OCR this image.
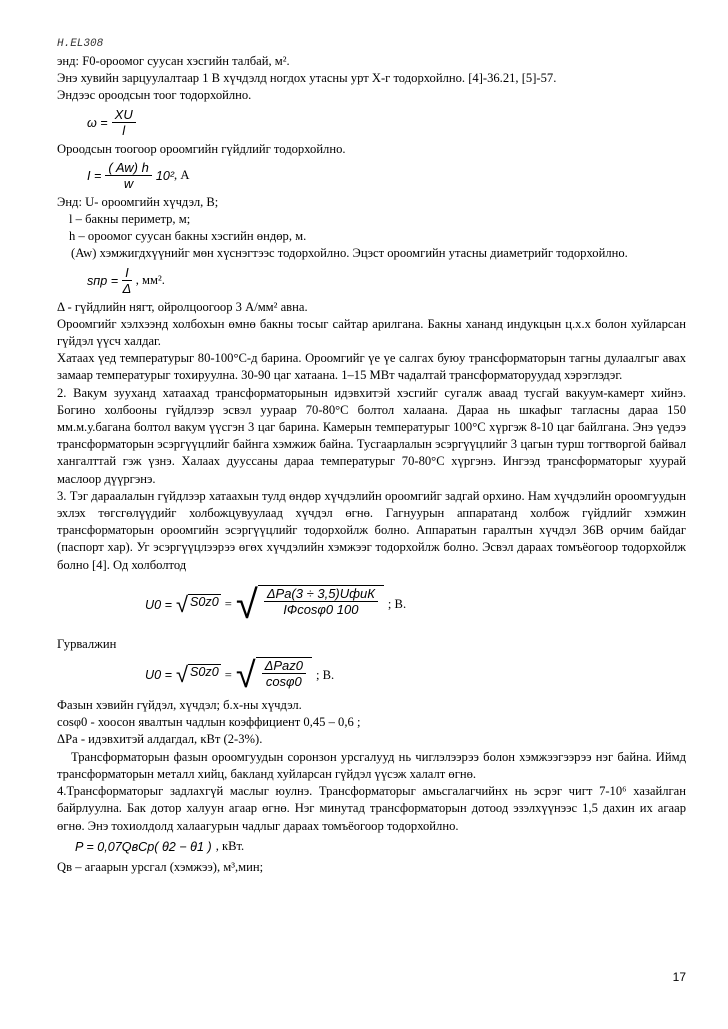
H.EL308

энд: F0-ороомог суусан хэсгийн талбай, м².

Энэ хувийн зарцуулалтаар 1 В хүчдэлд ногдох утасны урт X-г тодорхойлно. [4]-36.21, [5]-57.

Эндээс ороодсын тоог тодорхойлно.

$\omega = \frac{XU}{l}$

Ороодсын тоогоор ороомгийн гүйдлийг тодорхойлно.

$I = \frac{( Aw) h}{w} 10^2$ , А

Энд: U- ороомгийн хүчдэл, В;

l – бакны периметр, м;

h – ороомог суусан бакны хэсгийн өндөр, м.

(Aw) хэмжигдхүүнийг мөн хүснэгтээс тодорхойлно. Эцэст ороомгийн утасны диаметрийг тодорхойлно.

sпр = $\frac{I}{\Delta}$ , мм².

Δ - гүйдлийн нягт, ойролцоогоор 3 А/мм² авна.

Ороомгийг хэлхээнд холбохын өмнө бакны тосыг сайтар арилгана. Бакны хананд индукцын ц.х.х болон хуйларсан гүйдэл үүсч халдаг.

Хатаах үед температурыг 80-100°С-д барина. Ороомгийг үе үе салгах буюу трансформаторын тагны дулаалгыг авах замаар температурыг тохируулна. 30-90 цаг хатаана. 1–15 МВт чадалтай трансформаторуудад хэрэглэдэг.

2. Вакум зууханд хатаахад трансформаторынын идэвхитэй хэсгийг сугалж аваад тусгай вакуум-камерт хийнэ. Богино холбооны гүйдлээр эсвэл уураар 70-80°С болтол халаана. Дараа нь шкафыг тагласны дараа 150 мм.м.у.багана болтол вакум үүсгэн 3 цаг барина. Камерын температурыг 100°С хүргэж 8-10 цаг байлгана. Энэ үедээ трансформаторын эсэргүүцлийг байнга хэмжиж байна. Тусгаарлалын эсэргүүцлийг 3 цагын турш тогтворгой байвал хангалттай гэж үзнэ. Халаах дуусcаны дараа температурыг 70-80°С хүргэнэ. Ингээд трансформаторыг хуурай маслоор дүүргэнэ.

3. Тэг дараалалын гүйдлээр хатаахын тулд өндөр хүчдэлийн ороомгийг задгай орхино. Нам хүчдэлийн ороомгуудын эхлэх төгсгөлүүдийг холбожцувуулаад хүчдэл өгнө. Гагнуурын аппаратанд холбож гүйдлийг хэмжин трансформаторын ороомгийн эсэргүүцлийг тодорхойлж болно. Аппаратын гаралтын хүчдэл 36В орчим байдаг (паспорт хар). Уг эсэргүүцлээрээ өгөх хүчдэлийн хэмжээг тодорхойлж болно. Эсвэл дараах томъёогоор тодорхойлж болно [4]. Од холболтод

U0 = √ S0z0 = √ $\frac{\text{ΔPа(3 ÷ 3,5)UфuК}}{IФ\cos\varphi 0 100}$ ; В.

Гурвалжин

U0 = √ S0z0 = √ $\frac{\text{ΔPаz0}}{\cos\varphi 0}$ ; В.

Фазын хэвийн гүйдэл, хүчдэл; б.х-ны хүчдэл.

cosφ0 - хоосон явалтын чадлын коэффициент 0,45 – 0,6 ;

ΔPа - идэвхитэй алдагдал, кВт (2-3%).

Трансформаторын фазын ороомгуудын соронзон урсгалууд нь чиглэлээрээ болон хэмжээгээрээ нэг байна. Иймд трансформаторын металл хийц, бакланд хуйларсан гүйдэл үүсэж халалт өгнө.

4.Трансформаторыг задлахгүй маслыг юулнэ. Трансформаторыг амьсгалагчийнх нь эсрэг чигт 7-10⁶ хазайлган байрлуулна. Бак дотор халуун агаар өгнө. Нэг минутад трансформаторын дотоод эзэлхүүнээс 1,5 дахин их агаар өгнө. Энэ тохиолдолд халаагурын чадлыг дараах томъёогоор тодорхойлно.

P = 0,07QвCр( θ2 − θ1 ) , кВт.

Qв – агаарын урсгал (хэмжээ), м³,мин;

17
